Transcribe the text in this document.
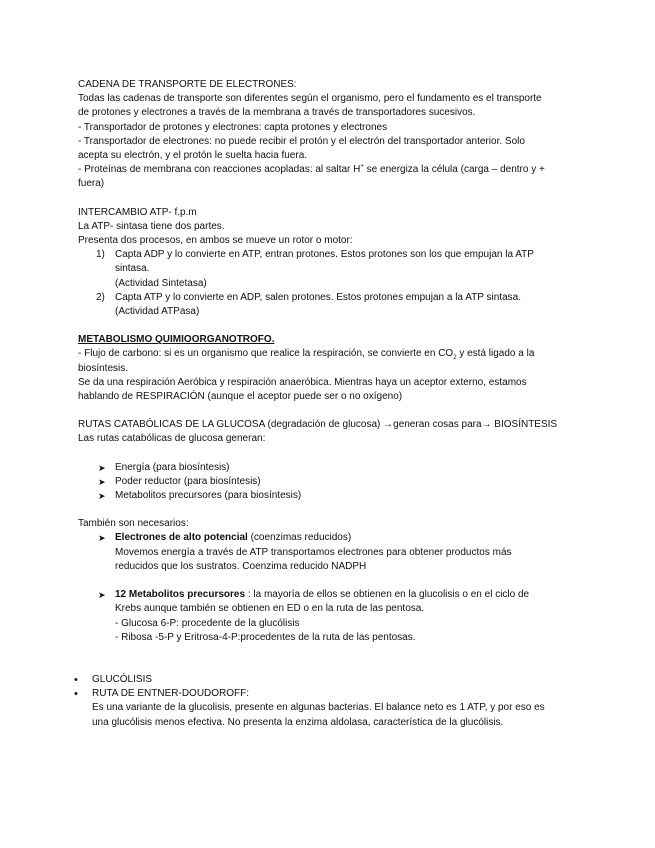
CADENA DE TRANSPORTE DE ELECTRONES:

Todas las cadenas de transporte son diferentes según el organismo, pero el fundamento es el transporte

de protones y electrones a través de la membrana a través de transportadores sucesivos.

- Transportador de protones y electrones: capta protones y electrones

- Transportador de electrones: no puede recibir el protón y el electrón del transportador anterior. Solo

acepta su electrón, y el protón le suelta hacia fuera.

- Proteínas de membrana con reacciones acopladas: al saltar H+ se energiza la célula (carga – dentro y +

fuera)

INTERCAMBIO ATP- f.p.m

La ATP- sintasa tiene dos partes.

Presenta dos procesos, en ambos se mueve un rotor o motor:

1) Capta ADP y lo convierte en ATP, entran protones. Estos protones son los que empujan la ATP

sintasa.

(Actividad Sintetasa)

2) Capta ATP y lo convierte en ADP, salen protones. Estos protones empujan a la ATP sintasa.

(Actividad ATPasa)

METABOLISMO QUIMIOORGANOTROFO.

- Flujo de carbono: si es un organismo que realice la respiración, se convierte en $CO_2$ y está ligado a la

biosíntesis.

Se da una respiración Aeróbica y respiración anaeróbica. Mientras haya un aceptor externo, estamos

hablando de RESPIRACIÓN (aunque el aceptor puede ser o no oxígeno)

RUTAS CATABÓLICAS DE LA GLUCOSA (degradación de glucosa) →generan cosas para→ BIOSÍNTESIS

Las rutas catabólicas de glucosa generan:

➤ Energía (para biosíntesis)

➤ Poder reductor (para biosíntesis)

➤ Metabolitos precursores (para biosíntesis)

También son necesarios:

➤ Electrones de alto potencial (coenzimas reducidos)

Movemos energía a través de ATP transportamos electrones para obtener productos más

reducidos que los sustratos. Coenzima reducido NADPH

➤ 12 Metabolitos precursores : la mayoría de ellos se obtienen en la glucolisis o en el ciclo de

Krebs aunque también se obtienen en ED o en la ruta de las pentosa.

- Glucosa 6-P: procedente de la glucólisis

- Ribosa -5-P y Eritrosa-4-P:procedentes de la ruta de las pentosas.

• GLUCÓLISIS

• RUTA DE ENTNER-DOUDOROFF:

Es una variante de la glucolisis, presente en algunas bacterias. El balance neto es 1 ATP, y por eso es

una glucólisis menos efectiva. No presenta la enzima aldolasa, característica de la glucólisis.
